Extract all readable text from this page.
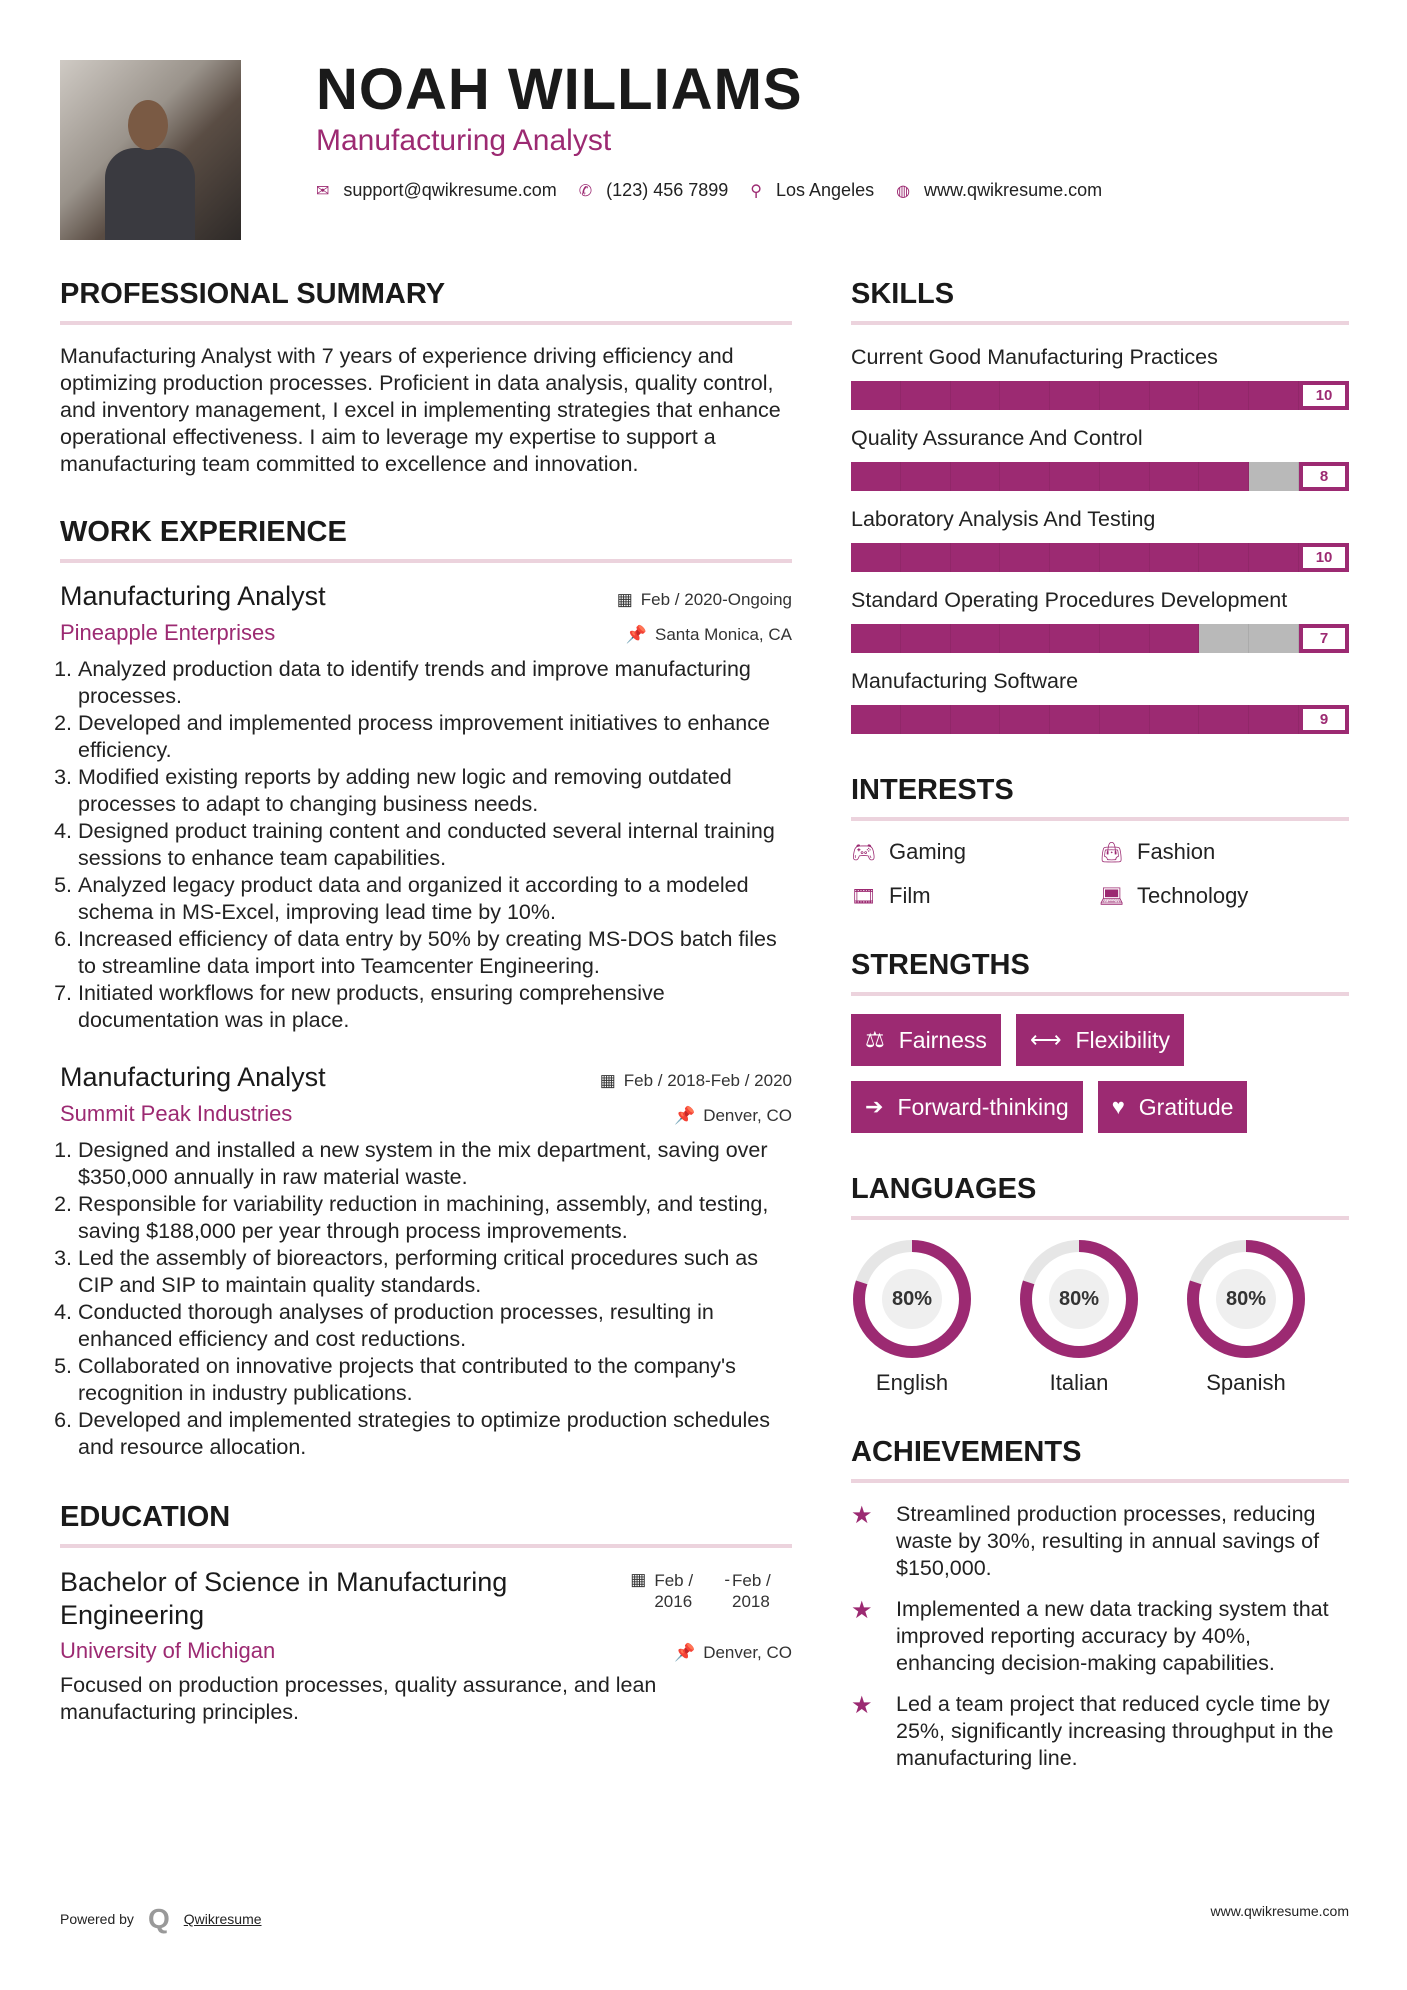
NOAH WILLIAMS
Manufacturing Analyst
✉ support@qwikresume.com ✆ (123) 456 7899 ⚲ Los Angeles ◍ www.qwikresume.com
PROFESSIONAL SUMMARY

Manufacturing Analyst with 7 years of experience driving efficiency and optimizing production processes. Proficient in data analysis, quality control, and inventory management, I excel in implementing strategies that enhance operational effectiveness. I aim to leverage my expertise to support a manufacturing team committed to excellence and innovation.

WORK EXPERIENCE
Manufacturing Analyst	▦ Feb / 2020-Ongoing
Pineapple Enterprises	📌 Santa Monica, CA
1. Analyzed production data to identify trends and improve manufacturing processes.
2. Developed and implemented process improvement initiatives to enhance efficiency.
3. Modified existing reports by adding new logic and removing outdated processes to adapt to changing business needs.
4. Designed product training content and conducted several internal training sessions to enhance team capabilities.
5. Analyzed legacy product data and organized it according to a modeled schema in MS-Excel, improving lead time by 10%.
6. Increased efficiency of data entry by 50% by creating MS-DOS batch files to streamline data import into Teamcenter Engineering.
7. Initiated workflows for new products, ensuring comprehensive documentation was in place.
Manufacturing Analyst	▦ Feb / 2018-Feb / 2020
Summit Peak Industries	📌 Denver, CO
1. Designed and installed a new system in the mix department, saving over $350,000 annually in raw material waste.
2. Responsible for variability reduction in machining, assembly, and testing, saving $188,000 per year through process improvements.
3. Led the assembly of bioreactors, performing critical procedures such as CIP and SIP to maintain quality standards.
4. Conducted thorough analyses of production processes, resulting in enhanced efficiency and cost reductions.
5. Collaborated on innovative projects that contributed to the company's recognition in industry publications.
6. Developed and implemented strategies to optimize production schedules and resource allocation.
EDUCATION
Bachelor of Science in Manufacturing Engineering
▦ Feb / 2016
- Feb / 2018
University of Michigan	📌 Denver, CO

Focused on production processes, quality assurance, and lean manufacturing principles.

SKILLS
Current Good Manufacturing Practices
10
Quality Assurance And Control
8
Laboratory Analysis And Testing
10
Standard Operating Procedures Development
7
Manufacturing Software
9
INTERESTS
🎮︎ Gaming	👜︎ Fashion
🎞︎ Film	💻︎ Technology
STRENGTHS
⚖ Fairness ⟷ Flexibility
➔ Forward-thinking ♥ Gratitude
LANGUAGES
80%
English
80%
Italian
80%
Spanish
ACHIEVEMENTS
★	Streamlined production processes, reducing waste by 30%, resulting in annual savings of $150,000.

★	Implemented a new data tracking system that improved reporting accuracy by 40%, enhancing decision-making capabilities.

★	Led a team project that reduced cycle time by 25%, significantly increasing throughput in the manufacturing line.

Powered by Q Qwikresume	www.qwikresume.com
